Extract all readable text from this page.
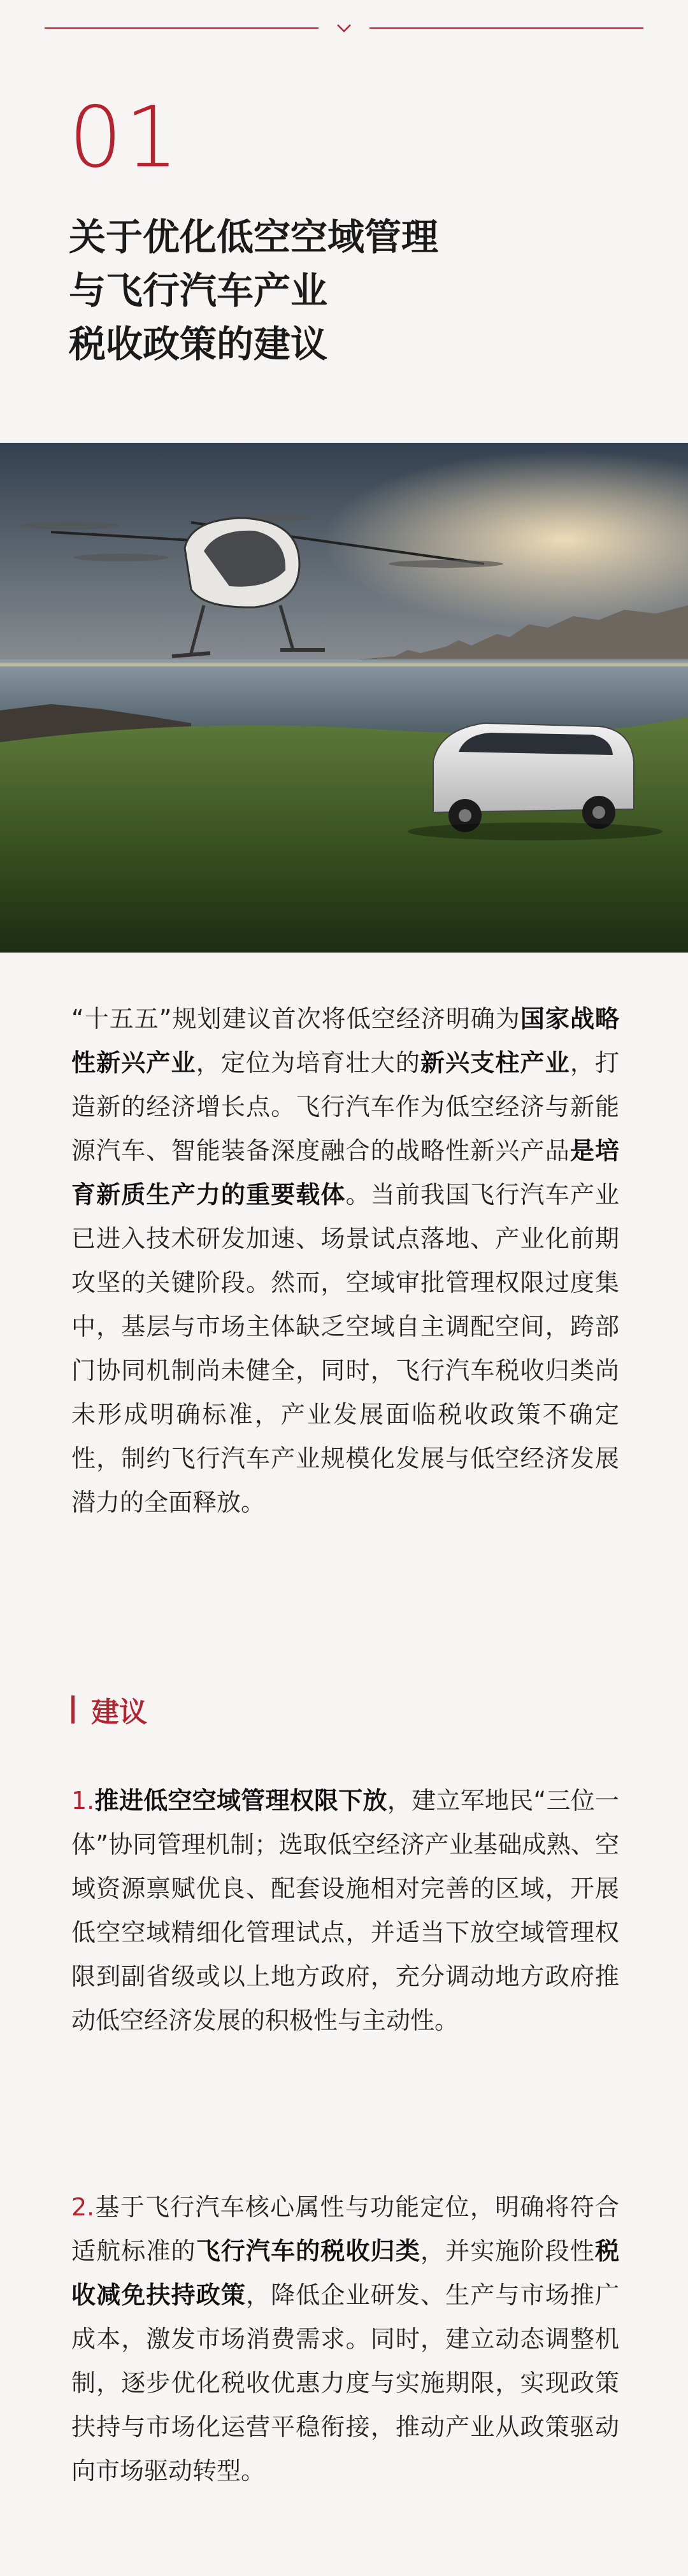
01
关于优化低空空域管理
与飞行汽车产业
税收政策的建议
“十五五”规划建议首次将低空经济明确为国家战略性新兴产业，定位为培育壮大的新兴支柱产业，打造新的经济增长点。飞行汽车作为低空经济与新能源汽车、智能装备深度融合的战略性新兴产品是培育新质生产力的重要载体。当前我国飞行汽车产业已进入技术研发加速、场景试点落地、产业化前期攻坚的关键阶段。然而，空域审批管理权限过度集中，基层与市场主体缺乏空域自主调配空间，跨部门协同机制尚未健全，同时，飞行汽车税收归类尚未形成明确标准，产业发展面临税收政策不确定性，制约飞行汽车产业规模化发展与低空经济发展潜力的全面释放。
建议
1.推进低空空域管理权限下放，建立军地民“三位一体”协同管理机制；选取低空经济产业基础成熟、空域资源禀赋优良、配套设施相对完善的区域，开展低空空域精细化管理试点，并适当下放空域管理权限到副省级或以上地方政府，充分调动地方政府推动低空经济发展的积极性与主动性。
2.基于飞行汽车核心属性与功能定位，明确将符合适航标准的飞行汽车的税收归类，并实施阶段性税收减免扶持政策，降低企业研发、生产与市场推广成本，激发市场消费需求。同时，建立动态调整机制，逐步优化税收优惠力度与实施期限，实现政策扶持与市场化运营平稳衔接，推动产业从政策驱动向市场驱动转型。
